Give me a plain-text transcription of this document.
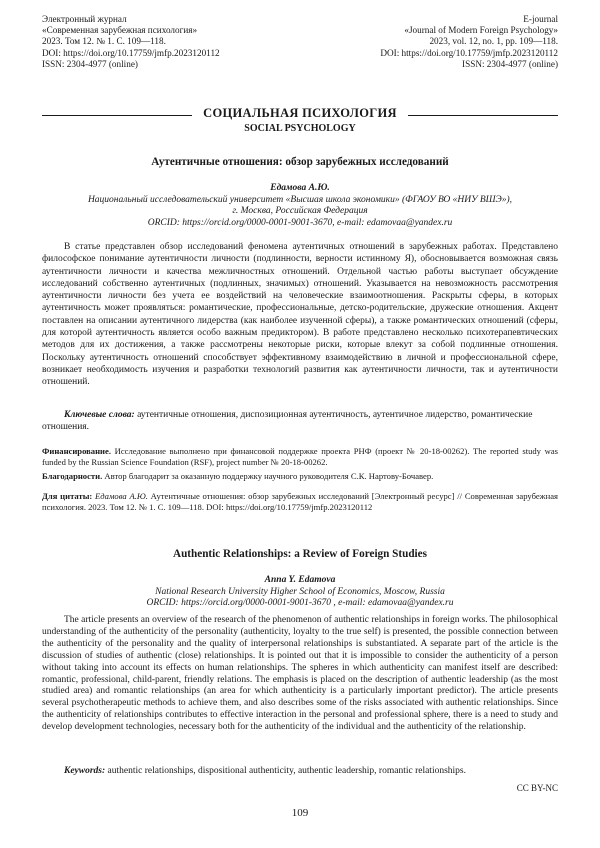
Электронный журнал
«Современная зарубежная психология»
2023. Том 12. № 1. С. 109—118.
DOI: https://doi.org/10.17759/jmfp.2023120112
ISSN: 2304-4977 (online)
E-journal
«Journal of Modern Foreign Psychology»
2023, vol. 12, no. 1, pp. 109—118.
DOI: https://doi.org/10.17759/jmfp.2023120112
ISSN: 2304-4977 (online)
СОЦИАЛЬНАЯ ПСИХОЛОГИЯ
SOCIAL PSYCHOLOGY
Аутентичные отношения: обзор зарубежных исследований
Едамова А.Ю.
Национальный исследовательский университет «Высшая школа экономики» (ФГАОУ ВО «НИУ ВШЭ»),
г. Москва, Российская Федерация
ORCID: https://orcid.org/0000-0001-9001-3670, e-mail: edamovaa@yandex.ru

В статье представлен обзор исследований феномена аутентичных отношений в зарубежных работах. Представлено философское понимание аутентичности личности (подлинности, верности истинному Я), обосновывается возможная связь аутентичности личности и качества межличностных отношений. Отдельной частью работы выступает обсуждение исследований собственно аутентичных (подлинных, значимых) отношений. Указывается на невозможность рассмотрения аутентичности личности без учета ее воздействий на человеческие взаимоотношения. Раскрыты сферы, в которых аутентичность может проявляться: романтические, профессиональные, детско-родительские, дружеские отношения. Акцент поставлен на описании аутентичного лидерства (как наиболее изученной сферы), а также романтических отношений (сферы, для которой аутентичность является особо важным предиктором). В работе представлено несколько психотерапевтических методов для их достижения, а также рассмотрены некоторые риски, которые влекут за собой подлинные отношения. Поскольку аутентичность отношений способствует эффективному взаимодействию в личной и профессиональной сфере, возникает необходимость изучения и разработки технологий развития как аутентичности личности, так и аутентичности отношений.

Ключевые слова: аутентичные отношения, диспозиционная аутентичность, аутентичное лидерство, романтические отношения.

Финансирование. Исследование выполнено при финансовой поддержке проекта РНФ (проект № 20-18-00262). The reported study was funded by the Russian Science Foundation (RSF), project number № 20-18-00262.

Благодарности. Автор благодарит за оказанную поддержку научного руководителя С.К. Нартову-Бочавер.

Для цитаты: Едамова А.Ю. Аутентичные отношения: обзор зарубежных исследований [Электронный ресурс] // Современная зарубежная психология. 2023. Том 12. № 1. С. 109—118. DOI: https://doi.org/10.17759/jmfp.2023120112

Authentic Relationships: a Review of Foreign Studies
Anna Y. Edamova
National Research University Higher School of Economics, Moscow, Russia
ORCID: https://orcid.org/0000-0001-9001-3670 , e-mail: edamovaa@yandex.ru

The article presents an overview of the research of the phenomenon of authentic relationships in foreign works. The philosophical understanding of the authenticity of the personality (authenticity, loyalty to the true self) is presented, the possible connection between the authenticity of the personality and the quality of interpersonal relationships is substantiated. A separate part of the article is the discussion of studies of authentic (close) relationships. It is pointed out that it is impossible to consider the authenticity of a person without taking into account its effects on human relationships. The spheres in which authenticity can manifest itself are described: romantic, professional, child-parent, friendly relations. The emphasis is placed on the description of authentic leadership (as the most studied area) and romantic relationships (an area for which authenticity is a particularly important predictor). The article presents several psychotherapeutic methods to achieve them, and also describes some of the risks associated with authentic relationships. Since the authenticity of relationships contributes to effective interaction in the personal and professional sphere, there is a need to study and develop development technologies, necessary both for the authenticity of the individual and the authenticity of the relationship.

Keywords: authentic relationships, dispositional authenticity, authentic leadership, romantic relationships.

CC BY-NC
109
